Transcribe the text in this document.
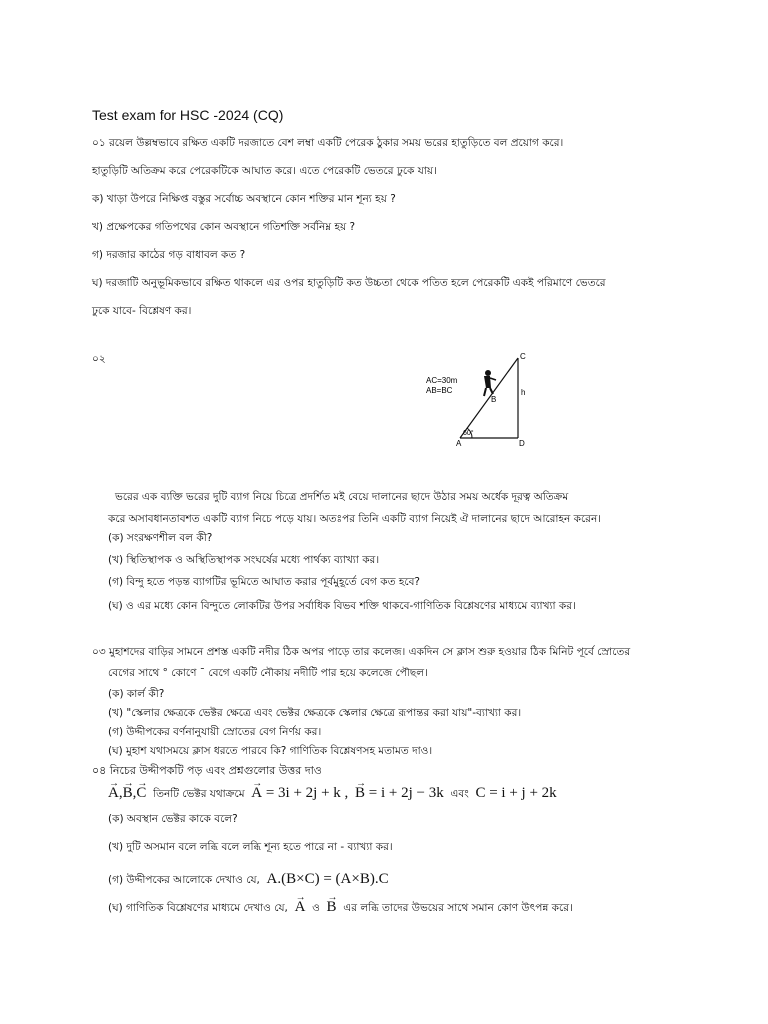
Test exam for HSC -2024 (CQ)
০১ রয়েল উল্লম্বভাবে রক্ষিত একটি দরজাতে বেশ লম্বা একটি পেরেক ঠুকার সময় ভরের হাতুড়িতে বল প্রয়োগ করে।
হাতুড়িটি অতিক্রম করে পেরেকটিকে আঘাত করে। এতে পেরেকটি ভেতরে ঢুকে যায়।
ক) খাড়া উপরে নিক্ষিপ্ত বস্তুর সর্বোচ্চ অবস্থানে কোন শক্তির মান শূন্য হয় ?
খ) প্রক্ষেপকের গতিপথের কোন অবস্থানে গতিশক্তি সর্বনিম্ন হয় ?
গ) দরজার কাঠের গড় বাধাবল কত ?
ঘ) দরজাটি অনুভূমিকভাবে রক্ষিত থাকলে এর ওপর হাতুড়িটি কত উচ্চতা থেকে পতিত হলে পেরেকটি একই পরিমাণে ভেতরে
ঢুকে যাবে- বিশ্লেষণ কর।
০২
AC=30m
AB=BC
60°
C
B
A	D
h
ভরের এক ব্যক্তি ভরের দুটি ব্যাগ নিয়ে চিত্রে প্রদর্শিত মই বেয়ে দালানের ছাদে উঠার সময় অর্ধেক দূরত্ব অতিক্রম
করে অসাবধানতাবশত একটি ব্যাগ নিচে পড়ে যায়। অতঃপর তিনি একটি ব্যাগ নিয়েই ঐ দালানের ছাদে আরোহন করেন।
(ক) সংরক্ষণশীল বল কী?
(খ) স্থিতিস্থাপক ও অস্থিতিস্থাপক সংঘর্ষের মধ্যে পার্থক্য ব্যাখ্যা কর।
(গ) বিন্দু হতে পড়ন্ত ব্যাগটির ভূমিতে আঘাত করার পূর্বমুহূর্তে বেগ কত হবে?
(ঘ) ও এর মধ্যে কোন বিন্দুতে লোকটির উপর সর্বাধিক বিভব শক্তি থাকবে-গাণিতিক বিশ্লেষণের মাধ্যমে ব্যাখ্যা কর।
০৩ মুহাশদের বাড়ির সামনে প্রশস্ত একটি নদীর ঠিক অপর পাড়ে তার কলেজ। একদিন সে ক্লাস শুরু হওয়ার ঠিক মিনিট পূর্বে স্রোতের
বেগের সাথে ° কোণে ¯ বেগে একটি নৌকায় নদীটি পার হয়ে কলেজে পৌছল।
(ক) কার্ল কী?
(খ) "স্কেলার ক্ষেত্রকে ভেক্টর ক্ষেত্রে এবং ভেক্টর ক্ষেত্রকে স্কেলার ক্ষেত্রে রূপান্তর করা যায়"-ব্যাখ্যা কর।
(গ) উদ্দীপকের বর্ণনানুযায়ী স্রোতের বেগ নির্ণয় কর।
(ঘ) মুহাশ যথাসময়ে ক্লাস ধরতে পারবে কি? গাণিতিক বিশ্লেষণসহ মতামত দাও।
০৪ নিচের উদ্দীপকটি পড় এবং প্রশ্নগুলোর উত্তর দাও
→ A,→ B,→ C তিনটি ভেক্টর যথাক্রমে → A = 3i + 2j + k , → B = i + 2j − 3k এবং C = i + j + 2k
(ক) অবস্থান ভেক্টর কাকে বলে?
(খ) দুটি অসমান বলে লব্ধি বলে লব্ধি শূন্য হতে পারে না - ব্যাখ্যা কর।
(গ) উদ্দীপকের আলোকে দেখাও যে, A.(B×C) = (A×B).C
(ঘ) গাণিতিক বিশ্লেষণের মাধ্যমে দেখাও যে, → A ও → B এর লব্ধি তাদের উভয়ের সাথে সমান কোণ উৎপন্ন করে।
